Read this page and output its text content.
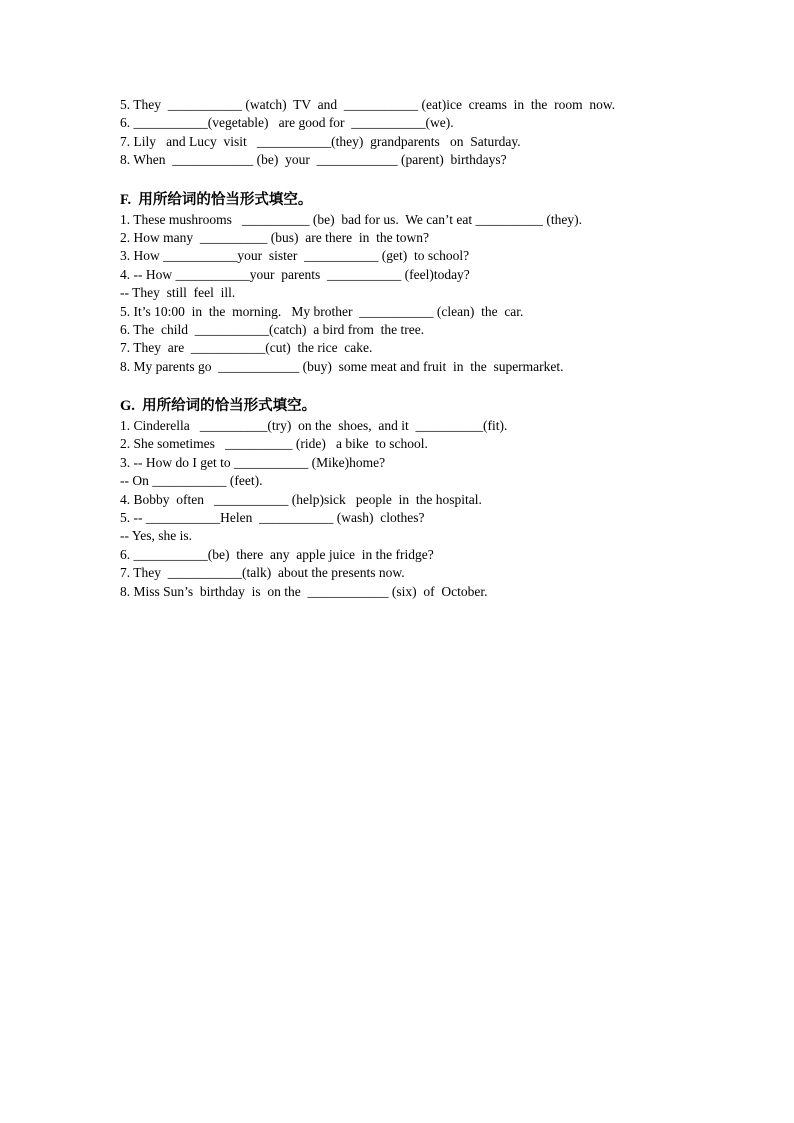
5. They  ___________ (watch)  TV  and  ___________ (eat)ice  creams  in  the  room  now.
6. ___________(vegetable)   are good for  ___________(we).
7. Lily   and Lucy  visit   ___________(they)  grandparents   on  Saturday.
8. When  ____________ (be)  your  ____________ (parent)  birthdays?
F.  用所给词的恰当形式填空。
1. These mushrooms   __________ (be)  bad for us.  We can’t eat __________ (they).
2. How many  __________ (bus)  are there  in  the town?
3. How ___________your  sister  ___________ (get)  to school?
4. -- How ___________your  parents  ___________ (feel)today?
-- They  still  feel  ill.
5. It’s 10:00  in  the  morning.   My brother  ___________ (clean)  the  car.
6. The  child  ___________(catch)  a bird from  the tree.
7. They  are  ___________(cut)  the rice  cake.
8. My parents go  ____________ (buy)  some meat and fruit  in  the  supermarket.
G.  用所给词的恰当形式填空。
1. Cinderella   __________(try)  on the  shoes,  and it  __________(fit).
2. She sometimes   __________ (ride)   a bike  to school.
3. -- How do I get to ___________ (Mike)home?
-- On ___________ (feet).
4. Bobby  often   ___________ (help)sick   people  in  the hospital.
5. -- ___________Helen  ___________ (wash)  clothes?
-- Yes, she is.
6. ___________(be)  there  any  apple juice  in the fridge?
7. They  ___________(talk)  about the presents now.
8. Miss Sun’s  birthday  is  on the  ____________ (six)  of  October.
